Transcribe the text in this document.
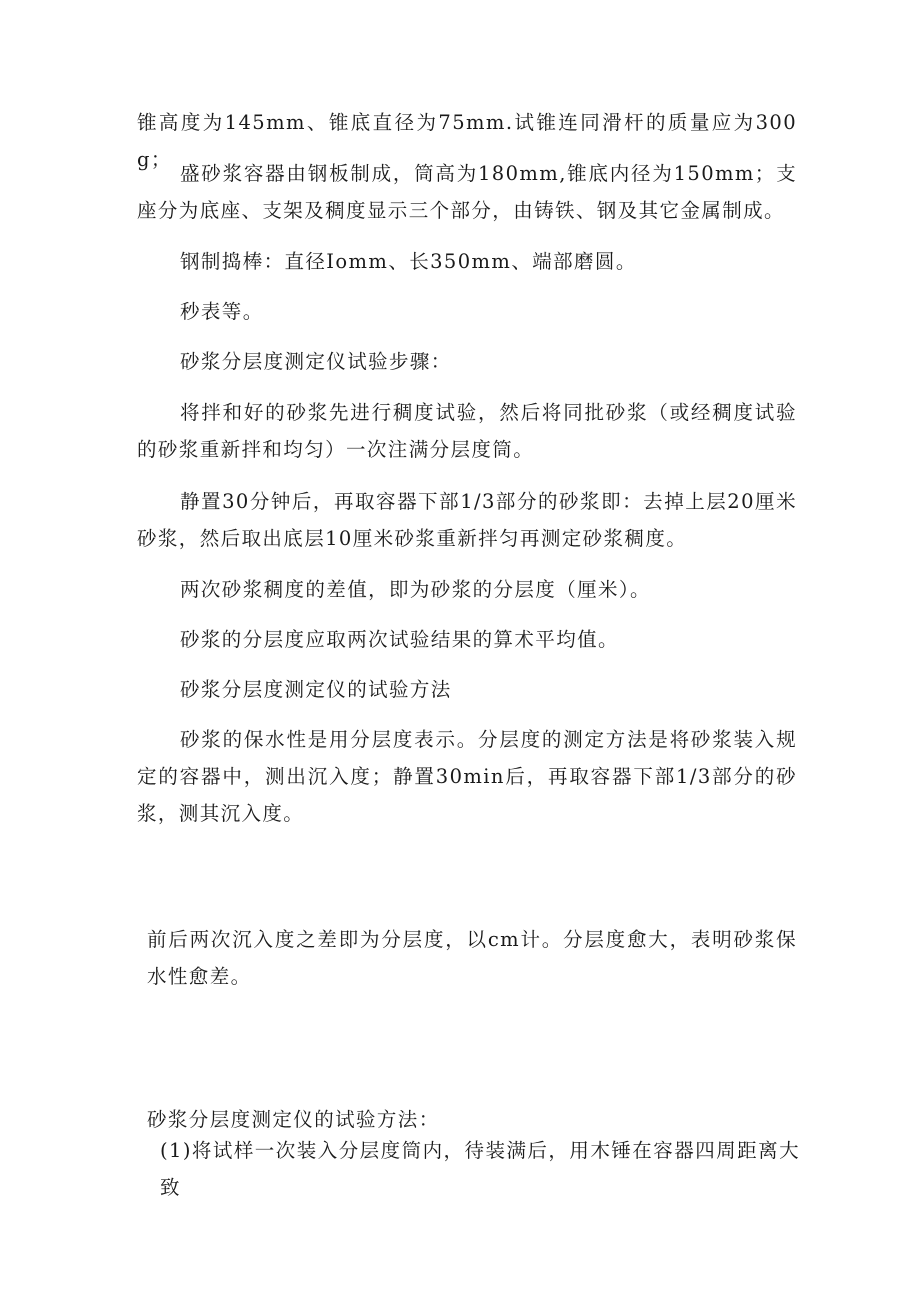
锥高度为145mm、锥底直径为75mm.试锥连同滑杆的质量应为300g；

盛砂浆容器由钢板制成，筒高为180mm,锥底内径为150mm；支座分为底座、支架及稠度显示三个部分，由铸铁、钢及其它金属制成。

钢制捣棒：直径Iomm、长350mm、端部磨圆。

秒表等。

砂浆分层度测定仪试验步骤：

将拌和好的砂浆先进行稠度试验，然后将同批砂浆（或经稠度试验的砂浆重新拌和均匀）一次注满分层度筒。

静置30分钟后，再取容器下部1/3部分的砂浆即：去掉上层20厘米砂浆，然后取出底层10厘米砂浆重新拌匀再测定砂浆稠度。

两次砂浆稠度的差值，即为砂浆的分层度（厘米）。

砂浆的分层度应取两次试验结果的算术平均值。

砂浆分层度测定仪的试验方法

砂浆的保水性是用分层度表示。分层度的测定方法是将砂浆装入规定的容器中，测出沉入度；静置30min后，再取容器下部1/3部分的砂浆，测其沉入度。

前后两次沉入度之差即为分层度，以cm计。分层度愈大，表明砂浆保水性愈差。

砂浆分层度测定仪的试验方法：

(1)将试样一次装入分层度筒内，待装满后，用木锤在容器四周距离大致
